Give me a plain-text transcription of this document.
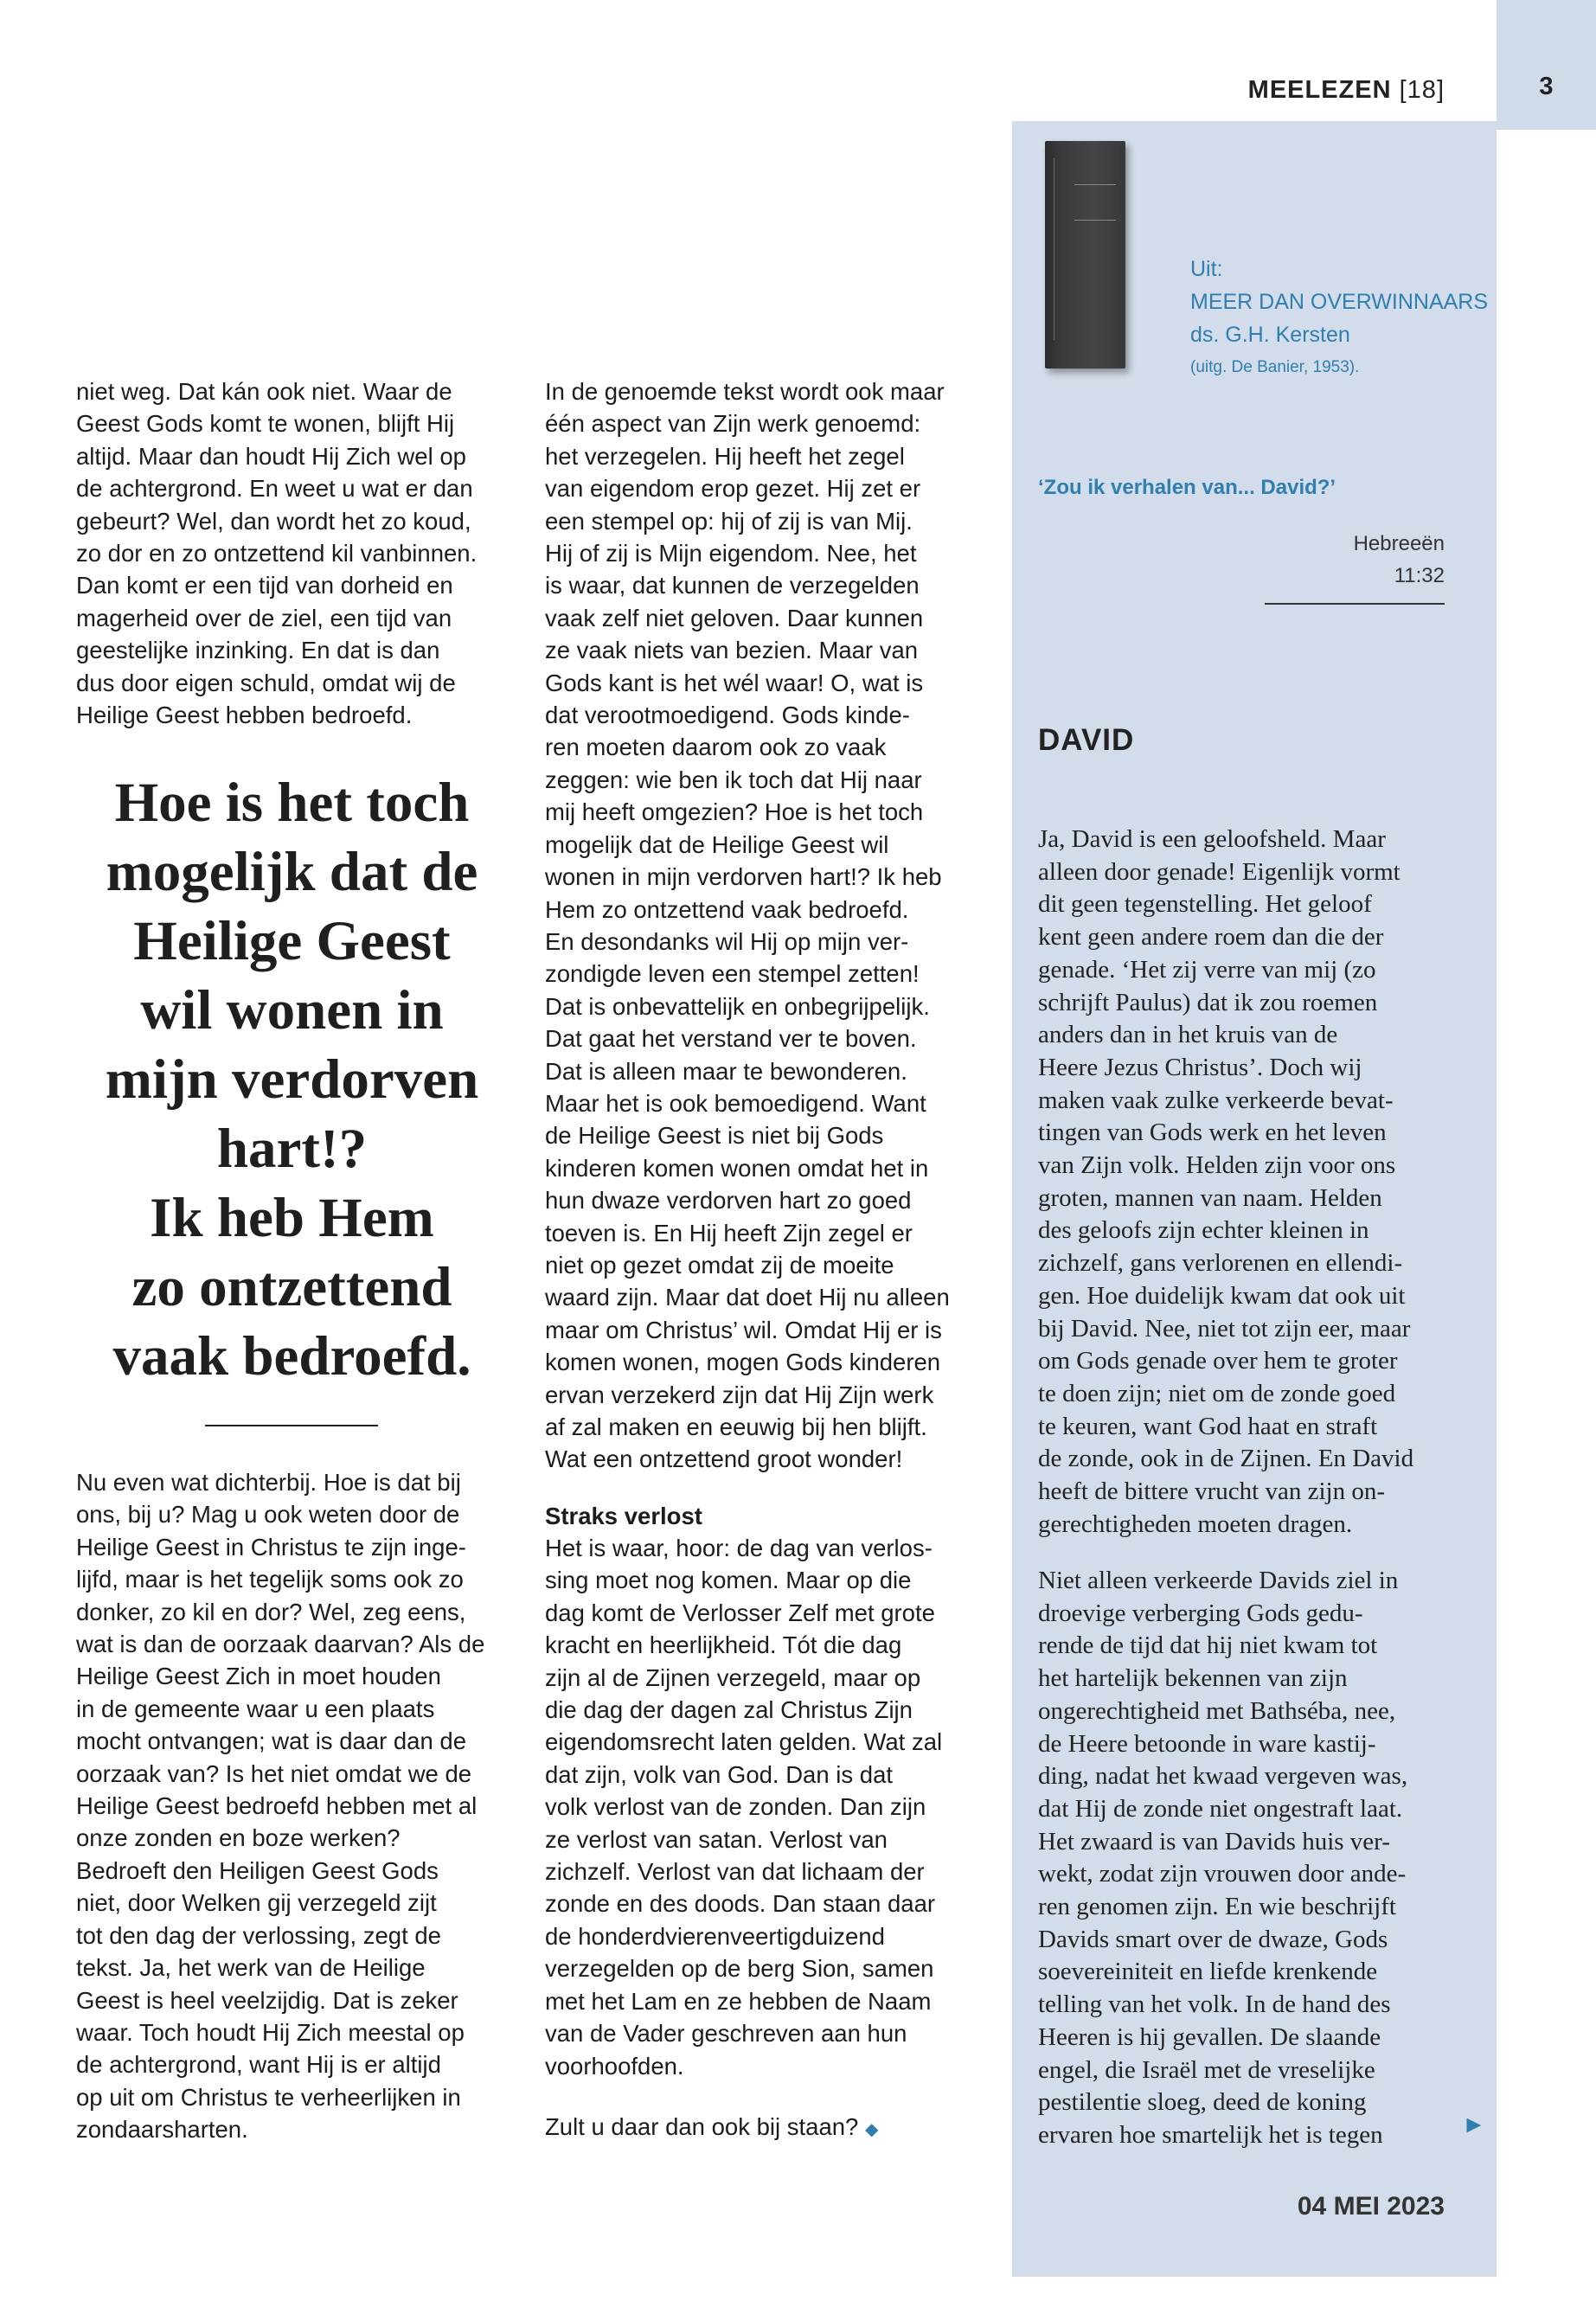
3
MEELEZEN [18]
Uit:
MEER DAN OVERWINNAARS
ds. G.H. Kersten
(uitg. De Banier, 1953).
‘Zou ik verhalen van... David?’
Hebreeën
11:32
DAVID
Ja, David is een geloofsheld. Maar
alleen door genade! Eigenlijk vormt
dit geen tegenstelling. Het geloof
kent geen andere roem dan die der
genade. ‘Het zij verre van mij (zo
schrijft Paulus) dat ik zou roemen
anders dan in het kruis van de
Heere Jezus Christus’. Doch wij
maken vaak zulke verkeerde bevat-
tingen van Gods werk en het leven
van Zijn volk. Helden zijn voor ons
groten, mannen van naam. Helden
des geloofs zijn echter kleinen in
zichzelf, gans verlorenen en ellendi-
gen. Hoe duidelijk kwam dat ook uit
bij David. Nee, niet tot zijn eer, maar
om Gods genade over hem te groter
te doen zijn; niet om de zonde goed
te keuren, want God haat en straft
de zonde, ook in de Zijnen. En David
heeft de bittere vrucht van zijn on-
gerechtigheden moeten dragen.
Niet alleen verkeerde Davids ziel in
droevige verberging Gods gedu-
rende de tijd dat hij niet kwam tot
het hartelijk bekennen van zijn
ongerechtigheid met Bathséba, nee,
de Heere betoonde in ware kastij-
ding, nadat het kwaad vergeven was,
dat Hij de zonde niet ongestraft laat.
Het zwaard is van Davids huis ver-
wekt, zodat zijn vrouwen door ande-
ren genomen zijn. En wie beschrijft
Davids smart over de dwaze, Gods
soevereiniteit en liefde krenkende
telling van het volk. In de hand des
Heeren is hij gevallen. De slaande
engel, die Israël met de vreselijke
pestilentie sloeg, deed de koning
ervaren hoe smartelijk het is tegen	►
04 MEI 2023
niet weg. Dat kán ook niet. Waar de
Geest Gods komt te wonen, blijft Hij
altijd. Maar dan houdt Hij Zich wel op
de achtergrond. En weet u wat er dan
gebeurt? Wel, dan wordt het zo koud,
zo dor en zo ontzettend kil vanbinnen.
Dan komt er een tijd van dorheid en
magerheid over de ziel, een tijd van
geestelijke inzinking. En dat is dan
dus door eigen schuld, omdat wij de
Heilige Geest hebben bedroefd.
Hoe is het toch
mogelijk dat de
Heilige Geest
wil wonen in
mijn verdorven
hart!?
Ik heb Hem
zo ontzettend
vaak bedroefd.
Nu even wat dichterbij. Hoe is dat bij
ons, bij u? Mag u ook weten door de
Heilige Geest in Christus te zijn inge-
lijfd, maar is het tegelijk soms ook zo
donker, zo kil en dor? Wel, zeg eens,
wat is dan de oorzaak daarvan? Als de
Heilige Geest Zich in moet houden
in de gemeente waar u een plaats
mocht ontvangen; wat is daar dan de
oorzaak van? Is het niet omdat we de
Heilige Geest bedroefd hebben met al
onze zonden en boze werken?
Bedroeft den Heiligen Geest Gods
niet, door Welken gij verzegeld zijt
tot den dag der verlossing, zegt de
tekst. Ja, het werk van de Heilige
Geest is heel veelzijdig. Dat is zeker
waar. Toch houdt Hij Zich meestal op
de achtergrond, want Hij is er altijd
op uit om Christus te verheerlijken in
zondaarsharten.
In de genoemde tekst wordt ook maar
één aspect van Zijn werk genoemd:
het verzegelen. Hij heeft het zegel
van eigendom erop gezet. Hij zet er
een stempel op: hij of zij is van Mij.
Hij of zij is Mijn eigendom. Nee, het
is waar, dat kunnen de verzegelden
vaak zelf niet geloven. Daar kunnen
ze vaak niets van bezien. Maar van
Gods kant is het wél waar! O, wat is
dat verootmoedigend. Gods kinde-
ren moeten daarom ook zo vaak
zeggen: wie ben ik toch dat Hij naar
mij heeft omgezien? Hoe is het toch
mogelijk dat de Heilige Geest wil
wonen in mijn verdorven hart!? Ik heb
Hem zo ontzettend vaak bedroefd.
En desondanks wil Hij op mijn ver-
zondigde leven een stempel zetten!
Dat is onbevattelijk en onbegrijpelijk.
Dat gaat het verstand ver te boven.
Dat is alleen maar te bewonderen.
Maar het is ook bemoedigend. Want
de Heilige Geest is niet bij Gods
kinderen komen wonen omdat het in
hun dwaze verdorven hart zo goed
toeven is. En Hij heeft Zijn zegel er
niet op gezet omdat zij de moeite
waard zijn. Maar dat doet Hij nu alleen
maar om Christus’ wil. Omdat Hij er is
komen wonen, mogen Gods kinderen
ervan verzekerd zijn dat Hij Zijn werk
af zal maken en eeuwig bij hen blijft.
Wat een ontzettend groot wonder!
Straks verlost
Het is waar, hoor: de dag van verlos-
sing moet nog komen. Maar op die
dag komt de Verlosser Zelf met grote
kracht en heerlijkheid. Tót die dag
zijn al de Zijnen verzegeld, maar op
die dag der dagen zal Christus Zijn
eigendomsrecht laten gelden. Wat zal
dat zijn, volk van God. Dan is dat
volk verlost van de zonden. Dan zijn
ze verlost van satan. Verlost van
zichzelf. Verlost van dat lichaam der
zonde en des doods. Dan staan daar
de honderdvierenveertigduizend
verzegelden op de berg Sion, samen
met het Lam en ze hebben de Naam
van de Vader geschreven aan hun
voorhoofden.
Zult u daar dan ook bij staan? ◆
